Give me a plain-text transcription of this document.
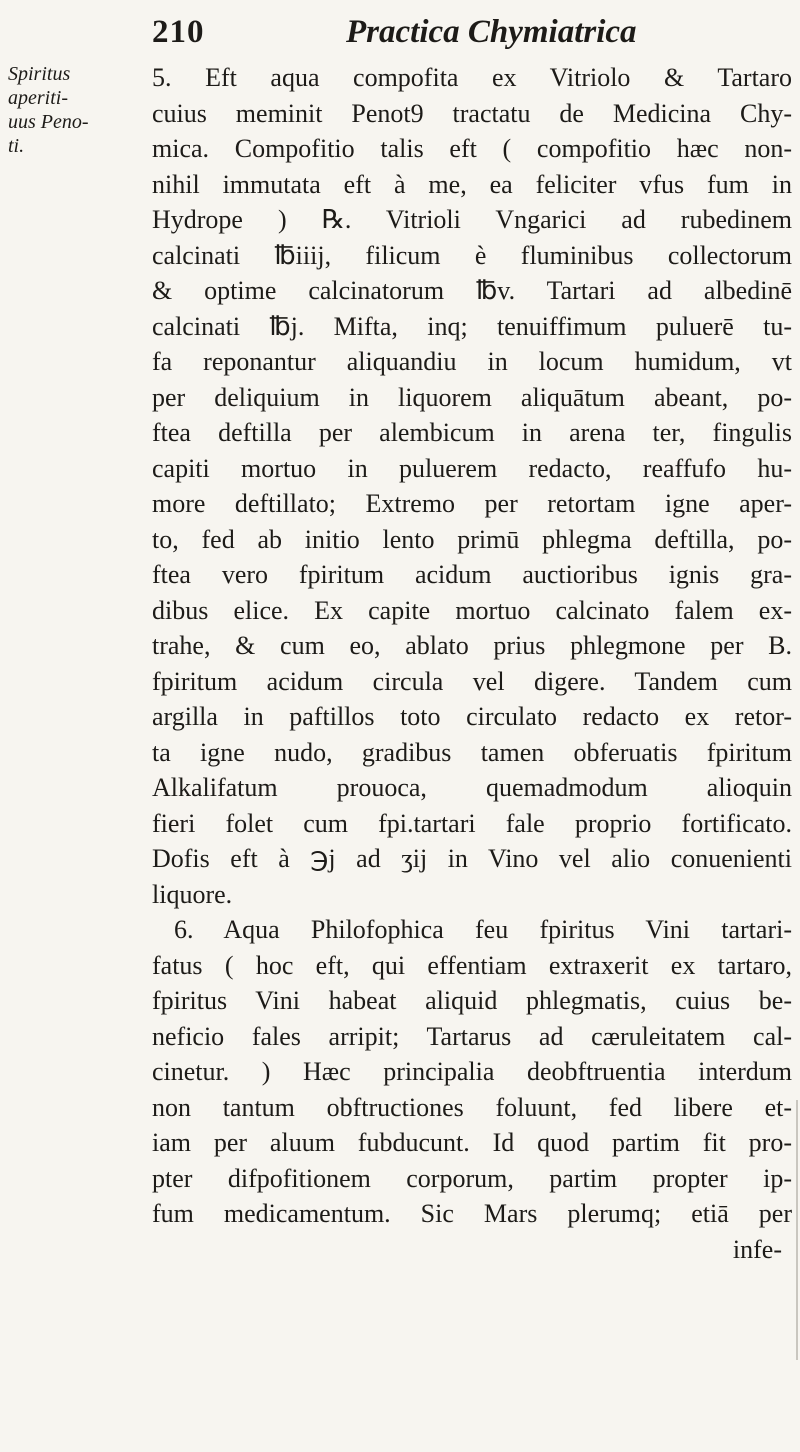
210	Practica Chymiatrica
Spiritus
aperiti-
uus Peno-
ti.
5. Eft aqua compofita ex Vitriolo & Tartaro
cuius meminit Penot9 tractatu de Medicina Chy-
mica. Compofitio talis eft ( compofitio hæc non-
nihil immutata eft à me, ea feliciter vfus fum in
Hydrope ) ℞. Vitrioli Vngarici ad rubedinem
calcinati ℔iiij, filicum è fluminibus collectorum
& optime calcinatorum ℔v. Tartari ad albedinē
calcinati ℔j. Mifta, inq; tenuiffimum puluerē tu-
fa reponantur aliquandiu in locum humidum, vt
per deliquium in liquorem aliquātum abeant, po-
ftea deftilla per alembicum in arena ter, fingulis
capiti mortuo in puluerem redacto, reaffufo hu-
more deftillato; Extremo per retortam igne aper-
to, fed ab initio lento primū phlegma deftilla, po-
ftea vero fpiritum acidum auctioribus ignis gra-
dibus elice. Ex capite mortuo calcinato falem ex-
trahe, & cum eo, ablato prius phlegmone per B.
fpiritum acidum circula vel digere. Tandem cum
argilla in paftillos toto circulato redacto ex retor-
ta igne nudo, gradibus tamen obferuatis fpiritum
Alkalifatum prouoca, quemadmodum alioquin
fieri folet cum fpi.tartari fale proprio fortificato.
Dofis eft à ℈j ad ʒij in Vino vel alio conuenienti
liquore.
6. Aqua Philofophica feu fpiritus Vini tartari-
fatus ( hoc eft, qui effentiam extraxerit ex tartaro,
fpiritus Vini habeat aliquid phlegmatis, cuius be-
neficio fales arripit; Tartarus ad cæruleitatem cal-
cinetur. ) Hæc principalia deobftruentia interdum
non tantum obftructiones foluunt, fed libere et-
iam per aluum fubducunt. Id quod partim fit pro-
pter difpofitionem corporum, partim propter ip-
fum medicamentum. Sic Mars plerumq; etiā per
infe-
